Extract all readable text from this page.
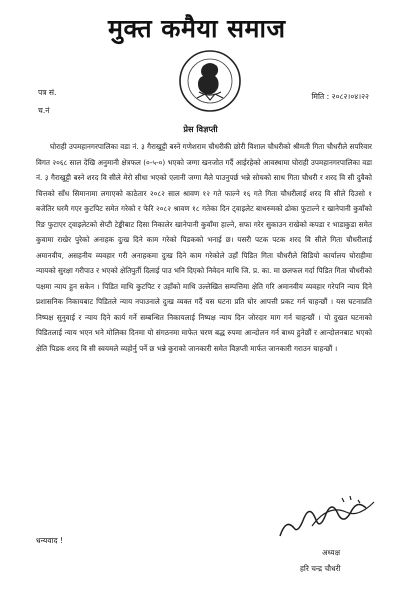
मुक्त कमैया समाज
पत्र सं.
च.नं
मिति : २०८२।०४।२२
प्रेस विज्ञप्ती

घोराही उपमहानगरपालिका वडा नं. ३ गैराखुट्टी बस्ने गणेशराम चौधरीकी छोरी विशाल चौधरीको श्रीमती गिता चौधरीले सपरिवार विगत २०६८ साल देखि अनुमानी क्षेत्रफल (०-५-०) भएको जग्गा खनजोत गर्दै आईरहेको आवस्थामा घोराही उपमहानगरपालिका वडा नं. ३ गैराखुट्टी बस्ने शरद वि सीले मेरो सीधा भएको एलानी जग्गा मैले पाउनुपर्छ भन्ने सोचको साथ गिता चौधरी र शरद वि सी दुवैको चित्तको साँध सिमानामा लगाएको काठेतार २०८२ साल श्रावण १२ गते फाल्ने १६ गते गिता चौधरीलाई शरद वि सीले दिउसो १ बजेतिर घरमै गएर कुटपिट समेत गरेको र फेरि २०८२ श्रावण १८ गतेका दिन ट्वाइलेट बाथरुमको ढोका फुटाल्ने र खानेपानी कुवाँको रिङ फुटाएर ट्वाइलेटको सेप्टी टेङ्कीबाट दिसा निकालेर खानेपानी कुवाँमा हाल्ने, सफा गरेर सुकाउन राखेको कपडा र भाडाकुडा समेत कुवामा राखेर पुरेको अनाहक दुःख दिने काम गरेको पिडकको भनाई छ। यसरी पटक पटक शरद वि सीले गिता चौधरीलाई अमानवीय, असहनीय व्यवहार गरी अनाहकमा दुःख दिने काम गरेकोले उहाँ पिडित गिता चौधरीले सिडियो कार्यालय घोराहीमा न्यायको सुरक्षा गरीपाउ र भएको क्षेतिपुर्ती दिलाई पाउ भनि दिएको निवेदन माथि जि. प्र. का. मा छलफल गर्दा पिडित गिता चौधरीको पक्षमा न्याय हुन सकेन । पिडित माथि कुटपिट र उहाँको माथि उल्लेखित सम्पत्तिमा क्षेति गरि अमानवीय व्यवहार गरेपनि न्याय दिने प्रशासनिक निकायबाट पिडितले न्याय नपाउनाले दुःख व्यक्त गर्दै यस घटना प्रति घोर आपत्ती प्रकट गर्न चाहन्छौं । यस घटनाप्रति निष्पक्ष सुनुवाई र न्याय दिने कार्य गर्ने सम्बन्धित निकायलाई निष्पक्ष न्याय दिन जोरदार माग गर्न चाहन्छौं । यो दुखत घटनाको पिडितलाई न्याय भएन भने मोलिका दिनमा यो संगठनमा माफेत चरण बद्ध रुपमा आन्दोलन गर्न बाध्य हुनेछौं र आन्दोलनबाट भएको क्षेति पिडक शरद वि सी स्वयमले व्यहोर्नु पर्ने छ भन्ने कुराको जानकारी समेत विज्ञप्ती मार्फत जानकारी गराउन चाहन्छौं ।

धन्यवाद !
अध्यक्ष
हरि चन्द्र चौधरी
